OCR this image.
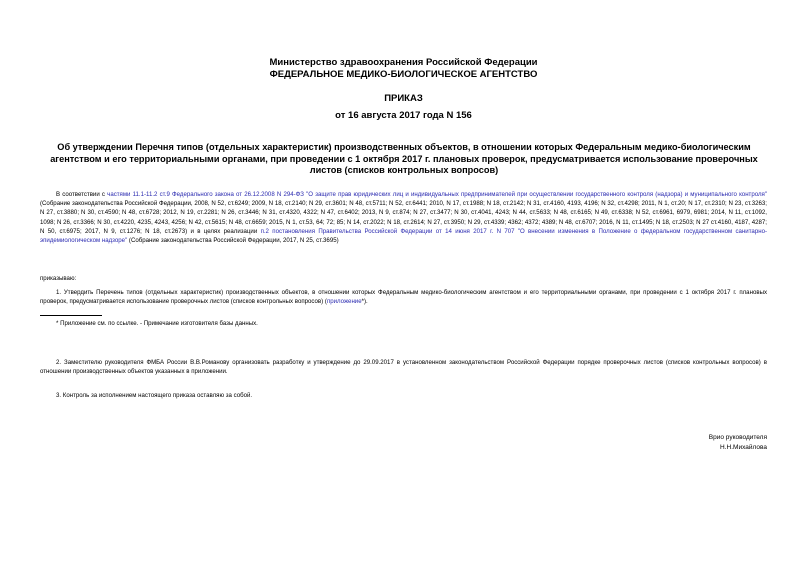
Министерство здравоохранения Российской Федерации
ФЕДЕРАЛЬНОЕ МЕДИКО-БИОЛОГИЧЕСКОЕ АГЕНТСТВО
ПРИКАЗ
от 16 августа 2017 года N 156
Об утверждении Перечня типов (отдельных характеристик) производственных объектов, в отношении которых Федеральным медико-биологическим агентством и его территориальными органами, при проведении с 1 октября 2017 г. плановых проверок, предусматривается использование проверочных листов (списков контрольных вопросов)
В соответствии с частями 11.1-11.2 ст.9 Федерального закона от 26.12.2008 N 294-ФЗ "О защите прав юридических лиц и индивидуальных предпринимателей при осуществлении государственного контроля (надзора) и муниципального контроля" (Собрание законодательства Российской Федерации, 2008, N 52, ст.6249; 2009, N 18, ст.2140; N 29, ст.3601; N 48, ст.5711; N 52, ст.6441; 2010, N 17, ст.1988; N 18, ст.2142; N 31, ст.4160, 4193, 4196; N 32, ст.4298; 2011, N 1, ст.20; N 17, ст.2310; N 23, ст.3263; N 27, ст.3880; N 30, ст.4590; N 48, ст.6728; 2012, N 19, ст.2281; N 26, ст.3446; N 31, ст.4320, 4322; N 47, ст.6402; 2013, N 9, ст.874; N 27, ст.3477; N 30, ст.4041, 4243; N 44, ст.5633; N 48, ст.6165; N 49, ст.6338; N 52, ст.6961, 6979, 6981; 2014, N 11, ст.1092, 1098; N 26, ст.3366; N 30, ст.4220, 4235, 4243, 4256; N 42, ст.5615; N 48, ст.6659; 2015, N 1, ст.53, 64; 72; 85; N 14, ст.2022; N 18, ст.2614; N 27, ст.3950; N 29, ст.4339; 4362; 4372; 4389; N 48, ст.6707; 2016, N 11, ст.1495; N 18, ст.2503; N 27 ст.4160, 4187, 4287; N 50, ст.6975; 2017, N 9, ст.1276; N 18, ст.2673) и в целях реализации п.2 постановления Правительства Российской Федерации от 14 июня 2017 г. N 707 "О внесении изменения в Положение о федеральном государственном санитарно-эпидемиологическом надзоре" (Собрание законодательства Российской Федерации, 2017, N 25, ст.3695)
приказываю:
1. Утвердить Перечень типов (отдельных характеристик) производственных объектов, в отношении которых Федеральным медико-биологическим агентством и его территориальными органами, при проведении с 1 октября 2017 г. плановых проверок, предусматривается использование проверочных листов (списков контрольных вопросов) (приложение*).
* Приложение см. по ссылке. - Примечание изготовителя базы данных.
2. Заместителю руководителя ФМБА России В.В.Романову организовать разработку и утверждение до 29.09.2017 в установленном законодательством Российской Федерации порядке проверочных листов (списков контрольных вопросов) в отношении производственных объектов указанных в приложении.
3. Контроль за исполнением настоящего приказа оставляю за собой.
Врио руководителя
Н.Н.Михайлова
